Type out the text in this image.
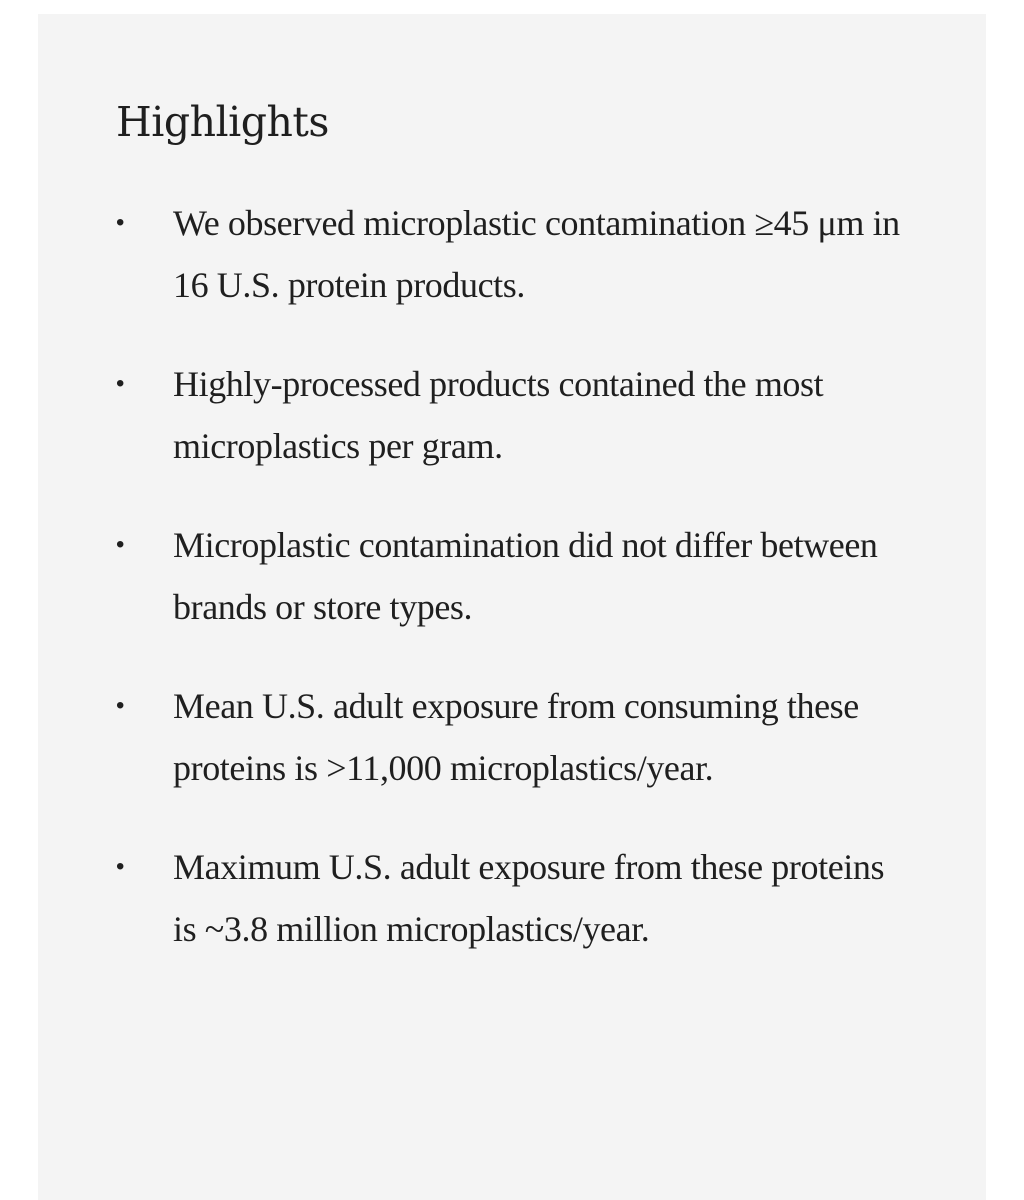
Highlights
•	We observed microplastic contamination ≥45 μm in 16 U.S. protein products.
•	Highly-processed products contained the most microplastics per gram.
•	Microplastic contamination did not differ between brands or store types.
•	Mean U.S. adult exposure from consuming these proteins is >11,000 microplastics/year.
•	Maximum U.S. adult exposure from these proteins is ~3.8 million microplastics/year.
